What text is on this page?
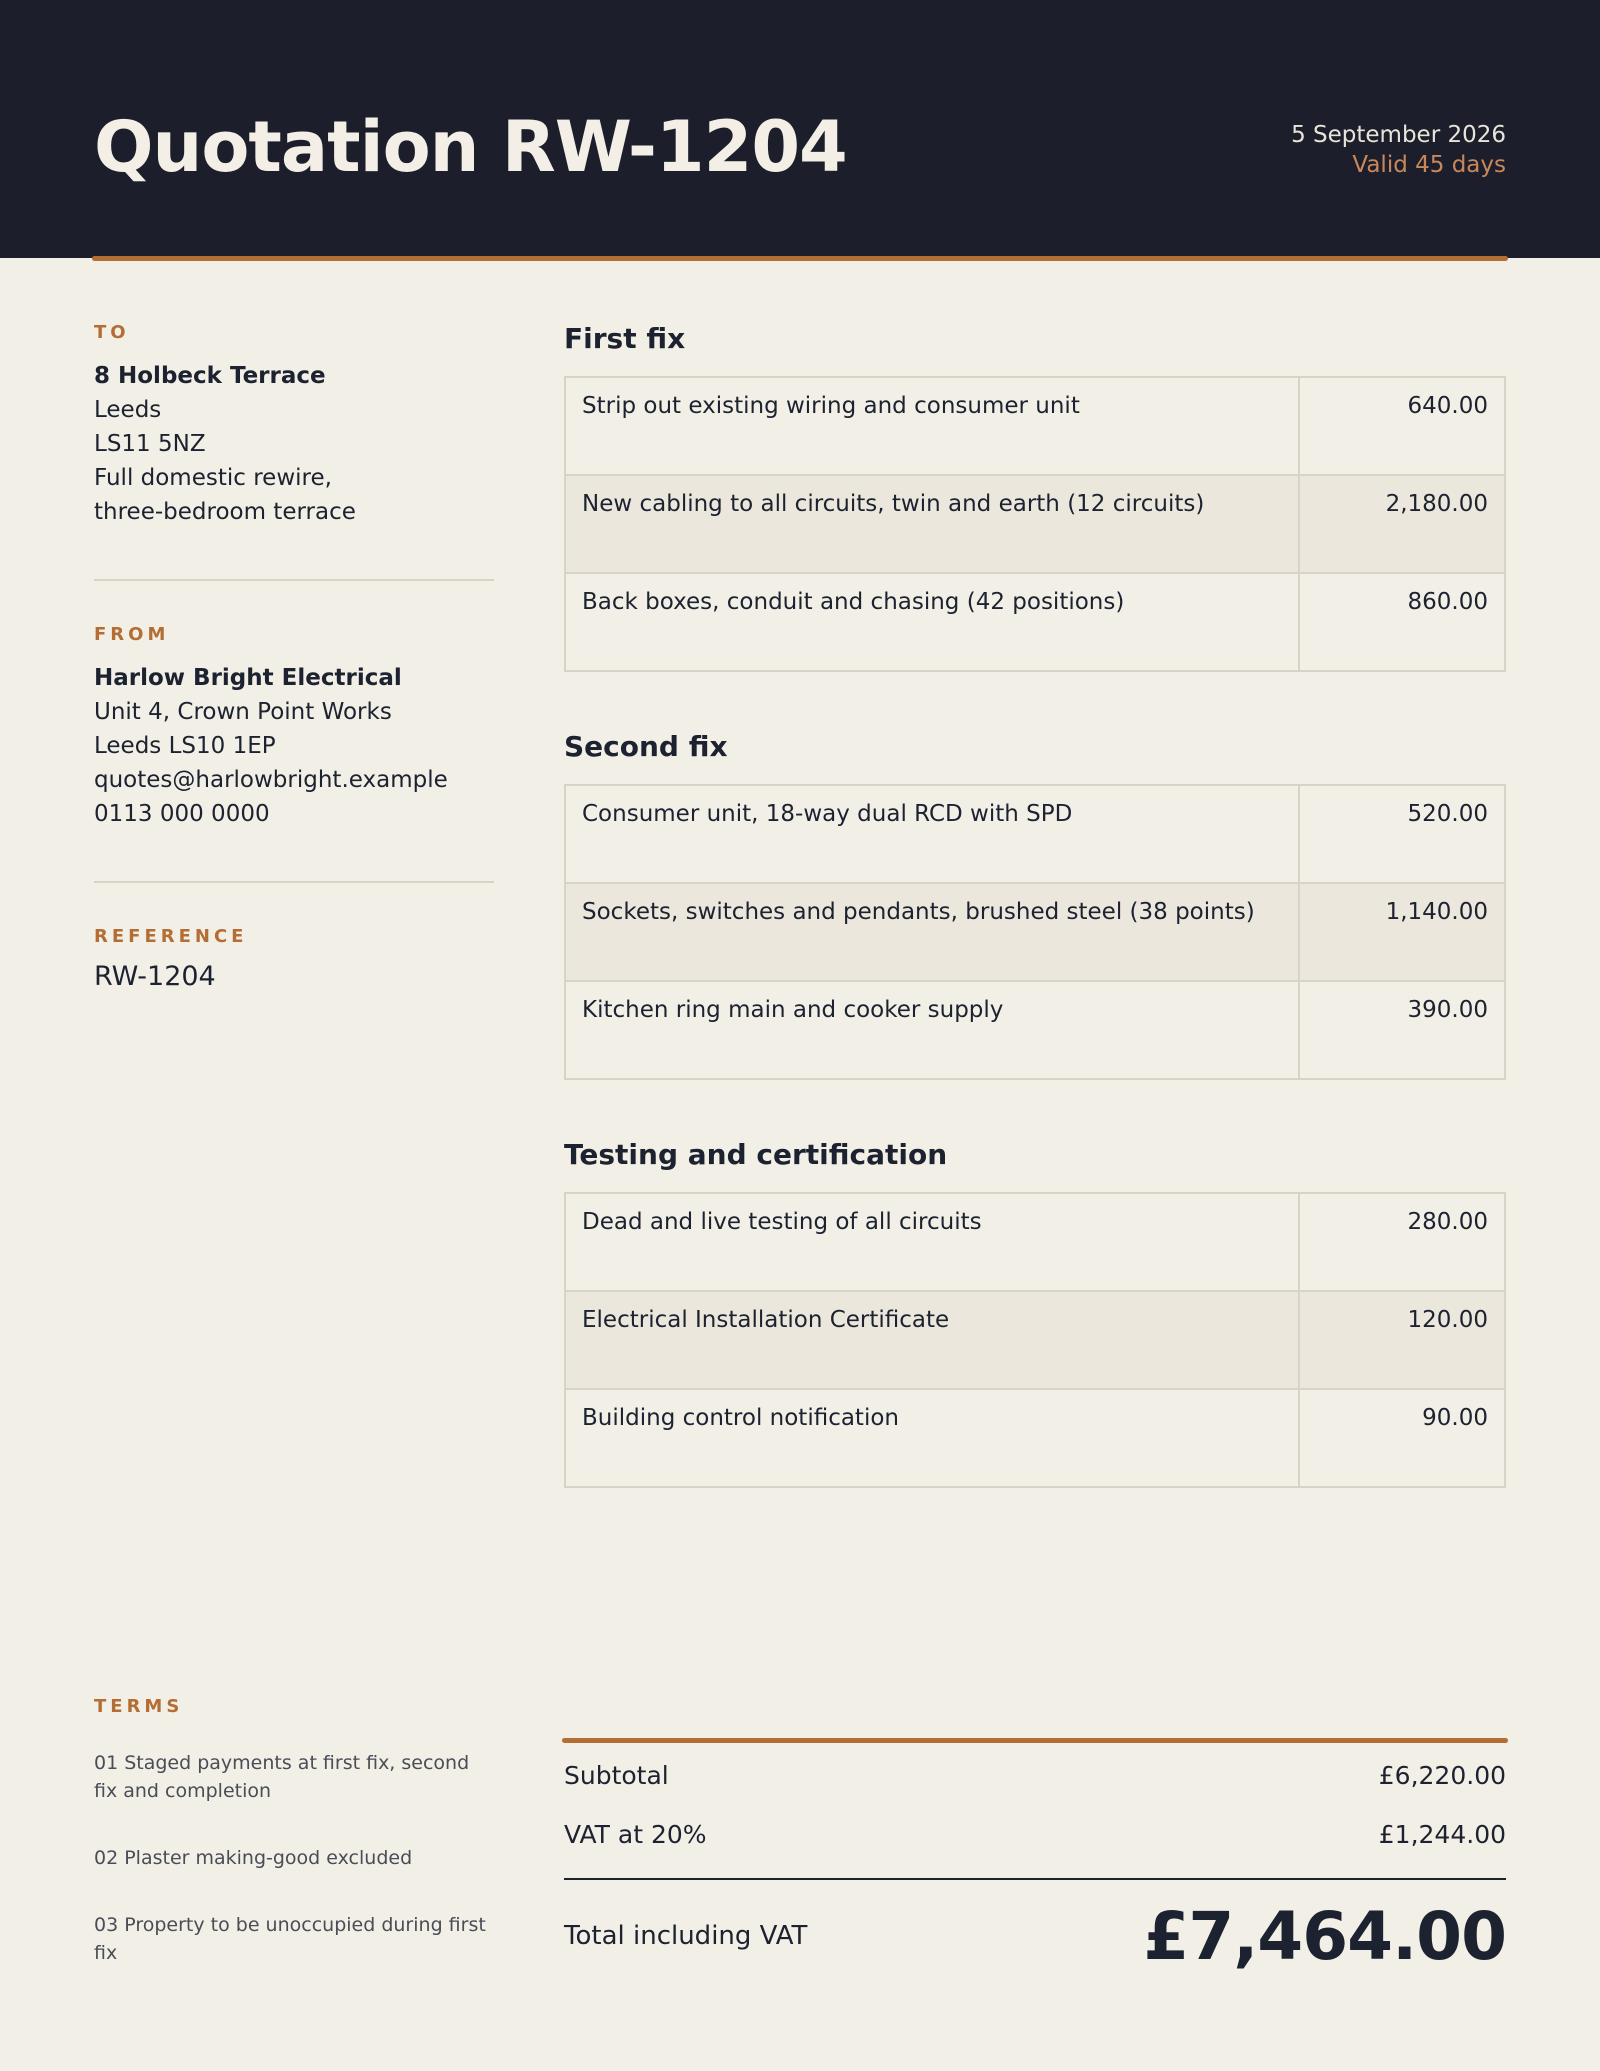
Quotation RW-1204	5 September 2026
Valid 45 days
TO
8 Holbeck Terrace
Leeds
LS11 5NZ
Full domestic rewire,
three-bedroom terrace
FROM
Harlow Bright Electrical
Unit 4, Crown Point Works
Leeds LS10 1EP
quotes@harlowbright.example
0113 000 0000
REFERENCE
RW-1204
First fix
Strip out existing wiring and consumer unit	640.00
New cabling to all circuits, twin and earth (12 circuits)	2,180.00
Back boxes, conduit and chasing (42 positions)	860.00
Second fix
Consumer unit, 18-way dual RCD with SPD	520.00
Sockets, switches and pendants, brushed steel (38 points)	1,140.00
Kitchen ring main and cooker supply	390.00
Testing and certification
Dead and live testing of all circuits	280.00
Electrical Installation Certificate	120.00
Building control notification	90.00
TERMS
01 Staged payments at first fix, second fix and completion
02 Plaster making-good excluded
03 Property to be unoccupied during first fix
Subtotal	£6,220.00
VAT at 20%	£1,244.00
Total including VAT	£7,464.00
